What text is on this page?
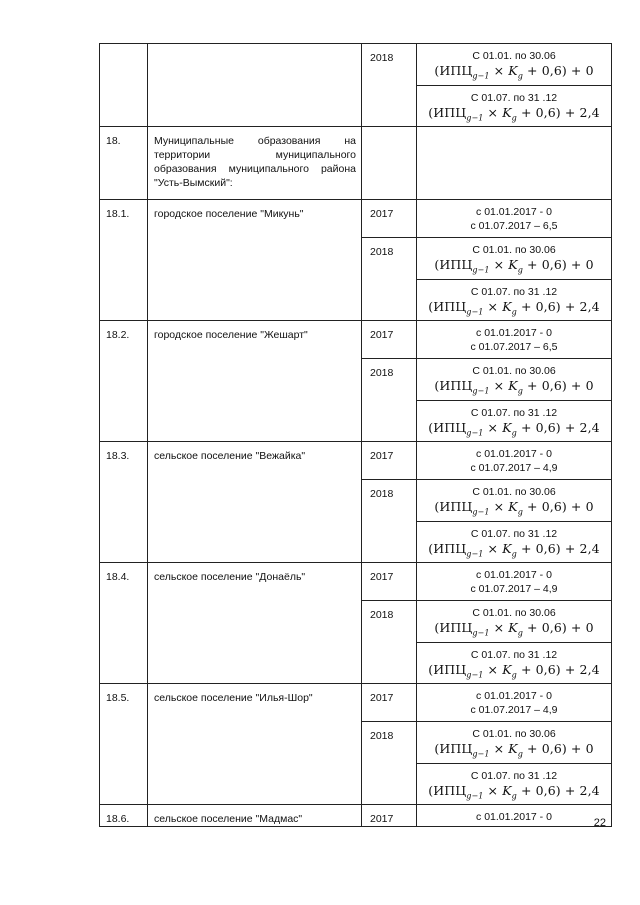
		2018	С 01.01. по 30.06
$(ИПЦ_{g-1} \times K_g + 0,6) + 0$

			С 01.07. по 31 .12
$(ИПЦ_{g-1} \times K_g + 0,6) + 2,4$

18.	Муниципальные образования на территории муниципального образования муниципального района "Усть-Вымский":		
18.1.	городское поселение "Микунь"	2017	с 01.01.2017 - 0
с 01.07.2017 – 6,5

		2018	С 01.01. по 30.06
$(ИПЦ_{g-1} \times K_g + 0,6) + 0$

			С 01.07. по 31 .12
$(ИПЦ_{g-1} \times K_g + 0,6) + 2,4$

18.2.	городское поселение "Жешарт"	2017	с 01.01.2017 - 0
с 01.07.2017 – 6,5

		2018	С 01.01. по 30.06
$(ИПЦ_{g-1} \times K_g + 0,6) + 0$

			С 01.07. по 31 .12
$(ИПЦ_{g-1} \times K_g + 0,6) + 2,4$

18.3.	сельское поселение "Вежайка"	2017	с 01.01.2017 - 0
с 01.07.2017 – 4,9

		2018	С 01.01. по 30.06
$(ИПЦ_{g-1} \times K_g + 0,6) + 0$

			С 01.07. по 31 .12
$(ИПЦ_{g-1} \times K_g + 0,6) + 2,4$

18.4.	сельское поселение "Донаёль"	2017	с 01.01.2017 - 0
с 01.07.2017 – 4,9

		2018	С 01.01. по 30.06
$(ИПЦ_{g-1} \times K_g + 0,6) + 0$

			С 01.07. по 31 .12
$(ИПЦ_{g-1} \times K_g + 0,6) + 2,4$

18.5.	сельское поселение "Илья-Шор"	2017	с 01.01.2017 - 0
с 01.07.2017 – 4,9

		2018	С 01.01. по 30.06
$(ИПЦ_{g-1} \times K_g + 0,6) + 0$

			С 01.07. по 31 .12
$(ИПЦ_{g-1} \times K_g + 0,6) + 2,4$

18.6.	сельское поселение "Мадмас"	2017	с 01.01.2017 - 0	22
